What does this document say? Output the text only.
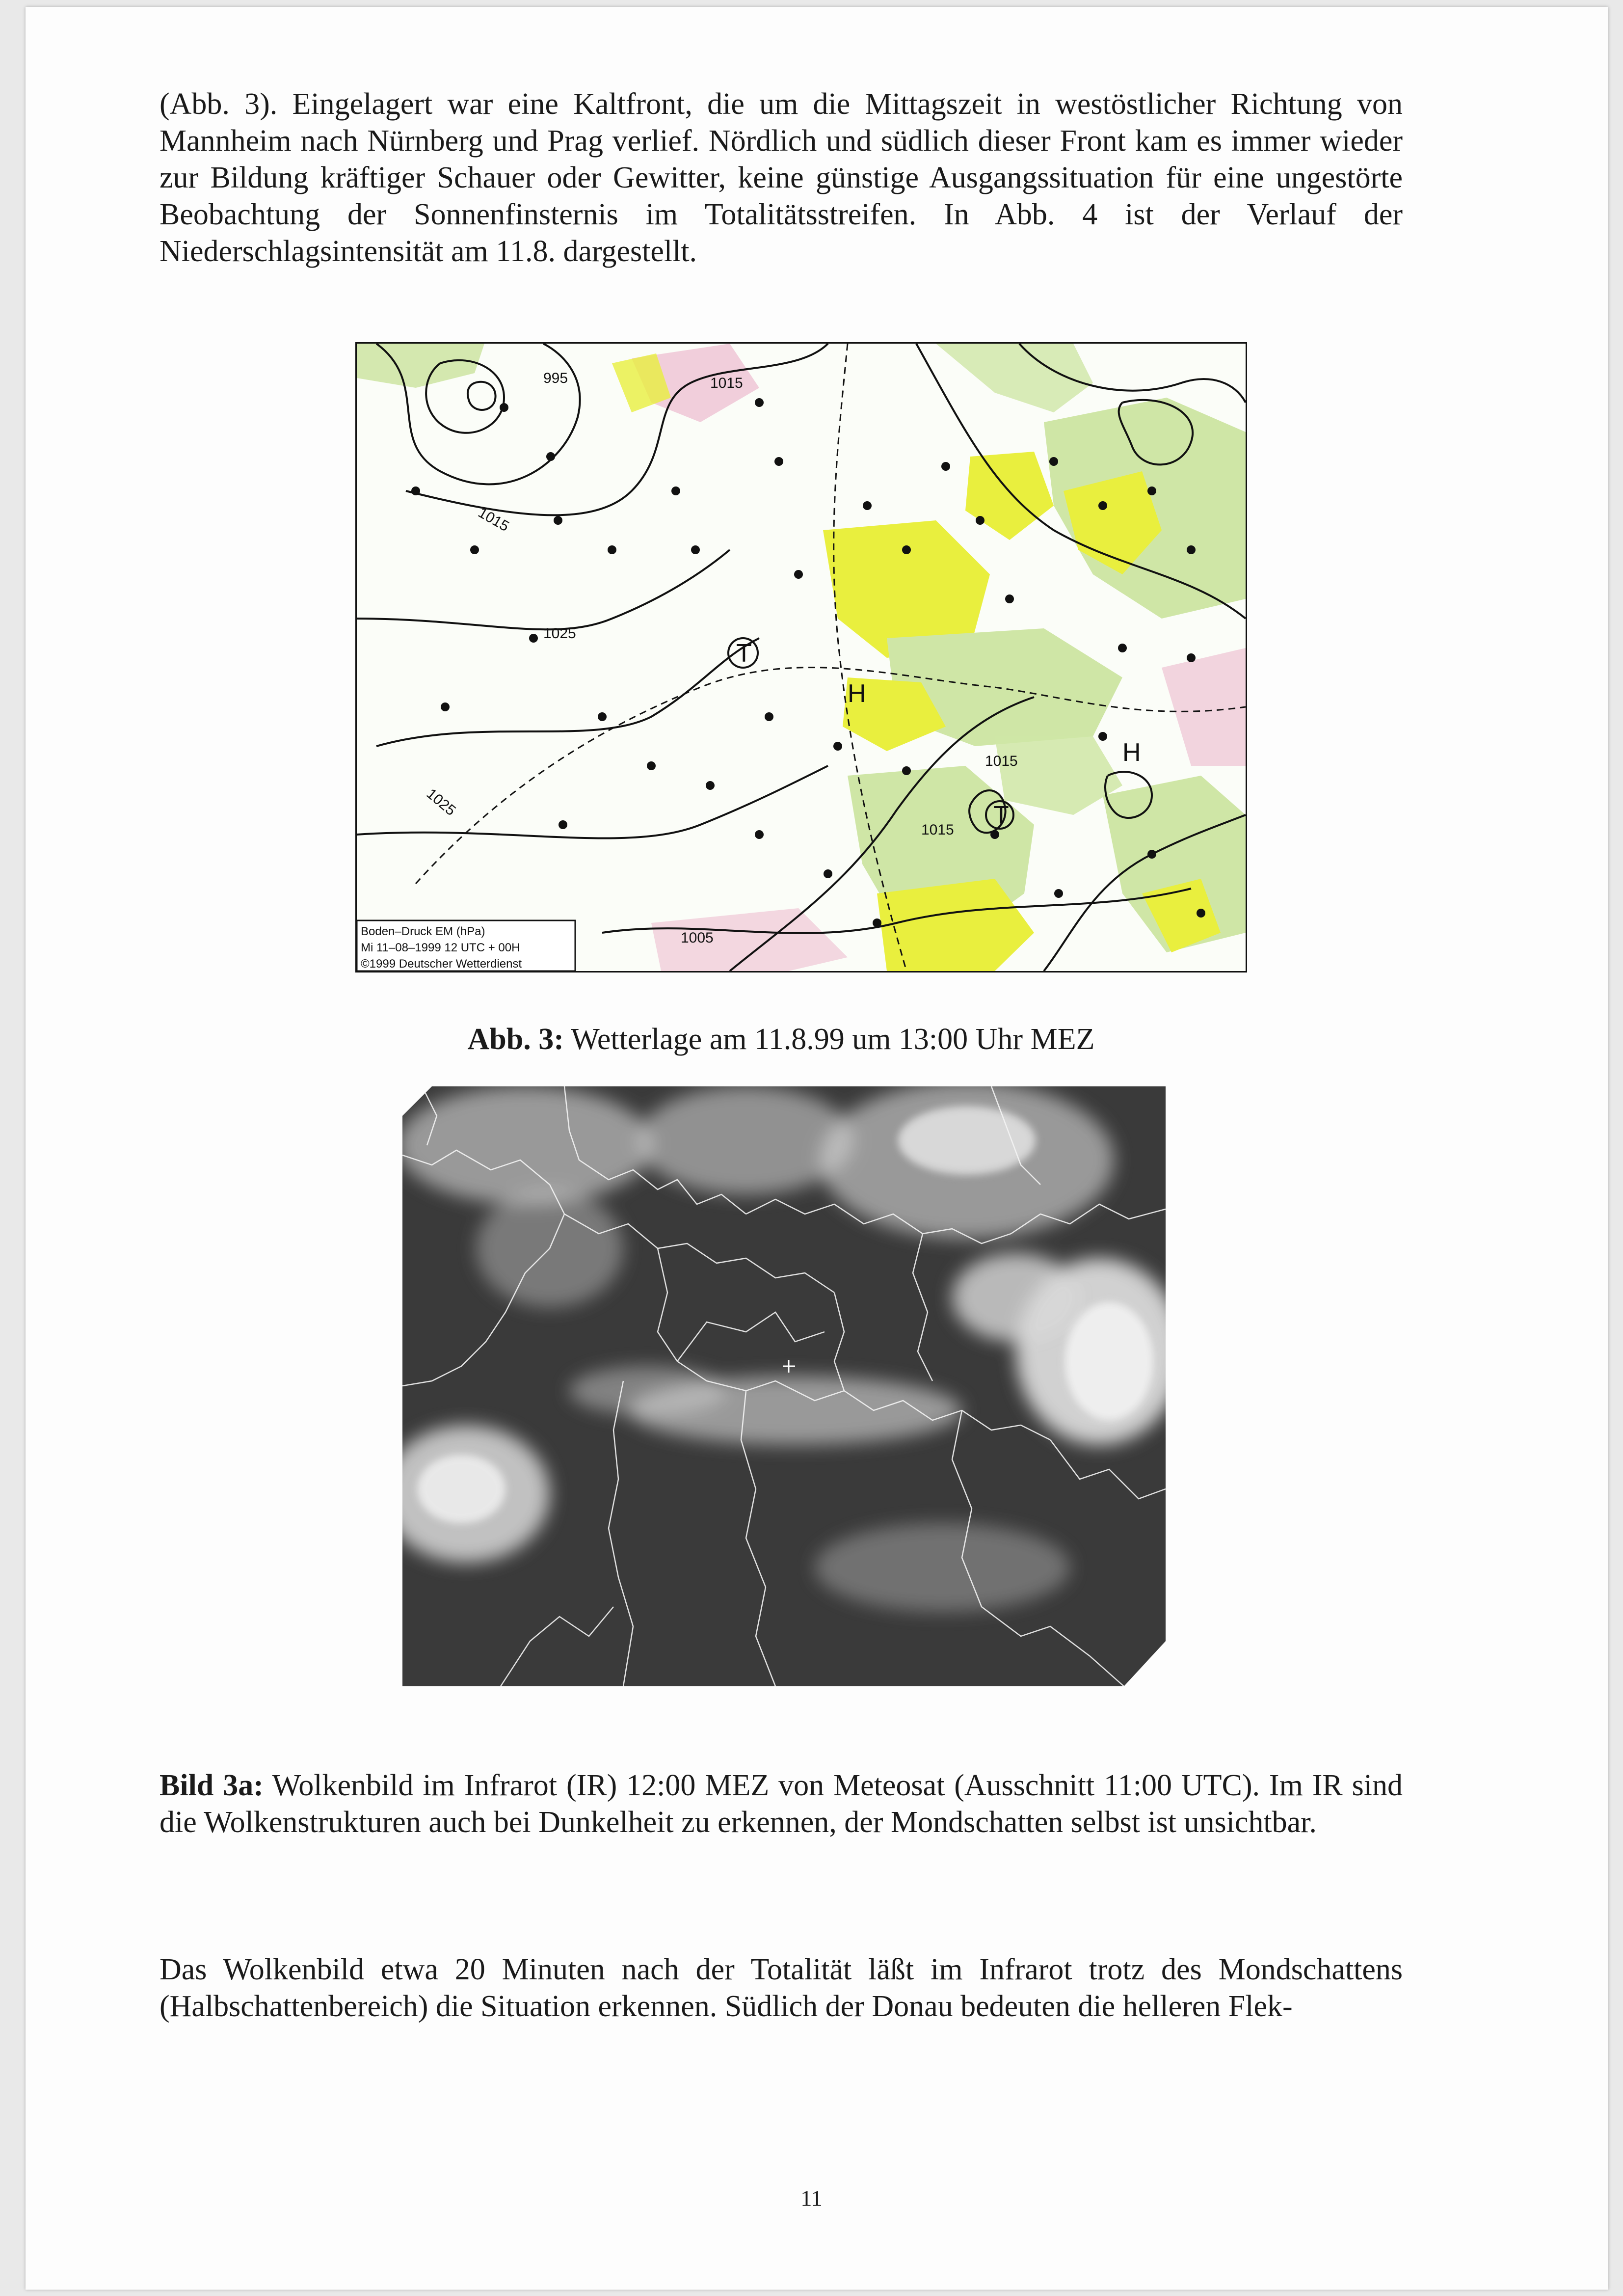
(Abb. 3). Eingelagert war eine Kaltfront, die um die Mittagszeit in westöstlicher Richtung von Mannheim nach Nürnberg und Prag verlief. Nördlich und südlich dieser Front kam es immer wieder zur Bildung kräftiger Schauer oder Gewitter, keine günstige Ausgangssituation für eine ungestörte Beobachtung der Sonnenfinsternis im Totalitätsstreifen. In Abb. 4 ist der Verlauf der Niederschlagsintensität am 11.8. dargestellt.

995	1015
1015
1025
1025
1005
1015
1015
T
T
H
H
Boden–Druck EM (hPa)
Mi 11–08–1999 12 UTC + 00H
©1999 Deutscher Wetterdienst

Abb. 3: Wetterlage am 11.8.99 um 13:00 Uhr MEZ

Bild 3a: Wolkenbild im Infrarot (IR) 12:00 MEZ von Meteosat (Ausschnitt 11:00 UTC). Im IR sind die Wolkenstrukturen auch bei Dunkelheit zu erkennen, der Mondschatten selbst ist unsichtbar.

Das Wolkenbild etwa 20 Minuten nach der Totalität läßt im Infrarot trotz des Mondschattens (Halbschattenbereich) die Situation erkennen. Südlich der Donau bedeuten die helleren Flek-

11
